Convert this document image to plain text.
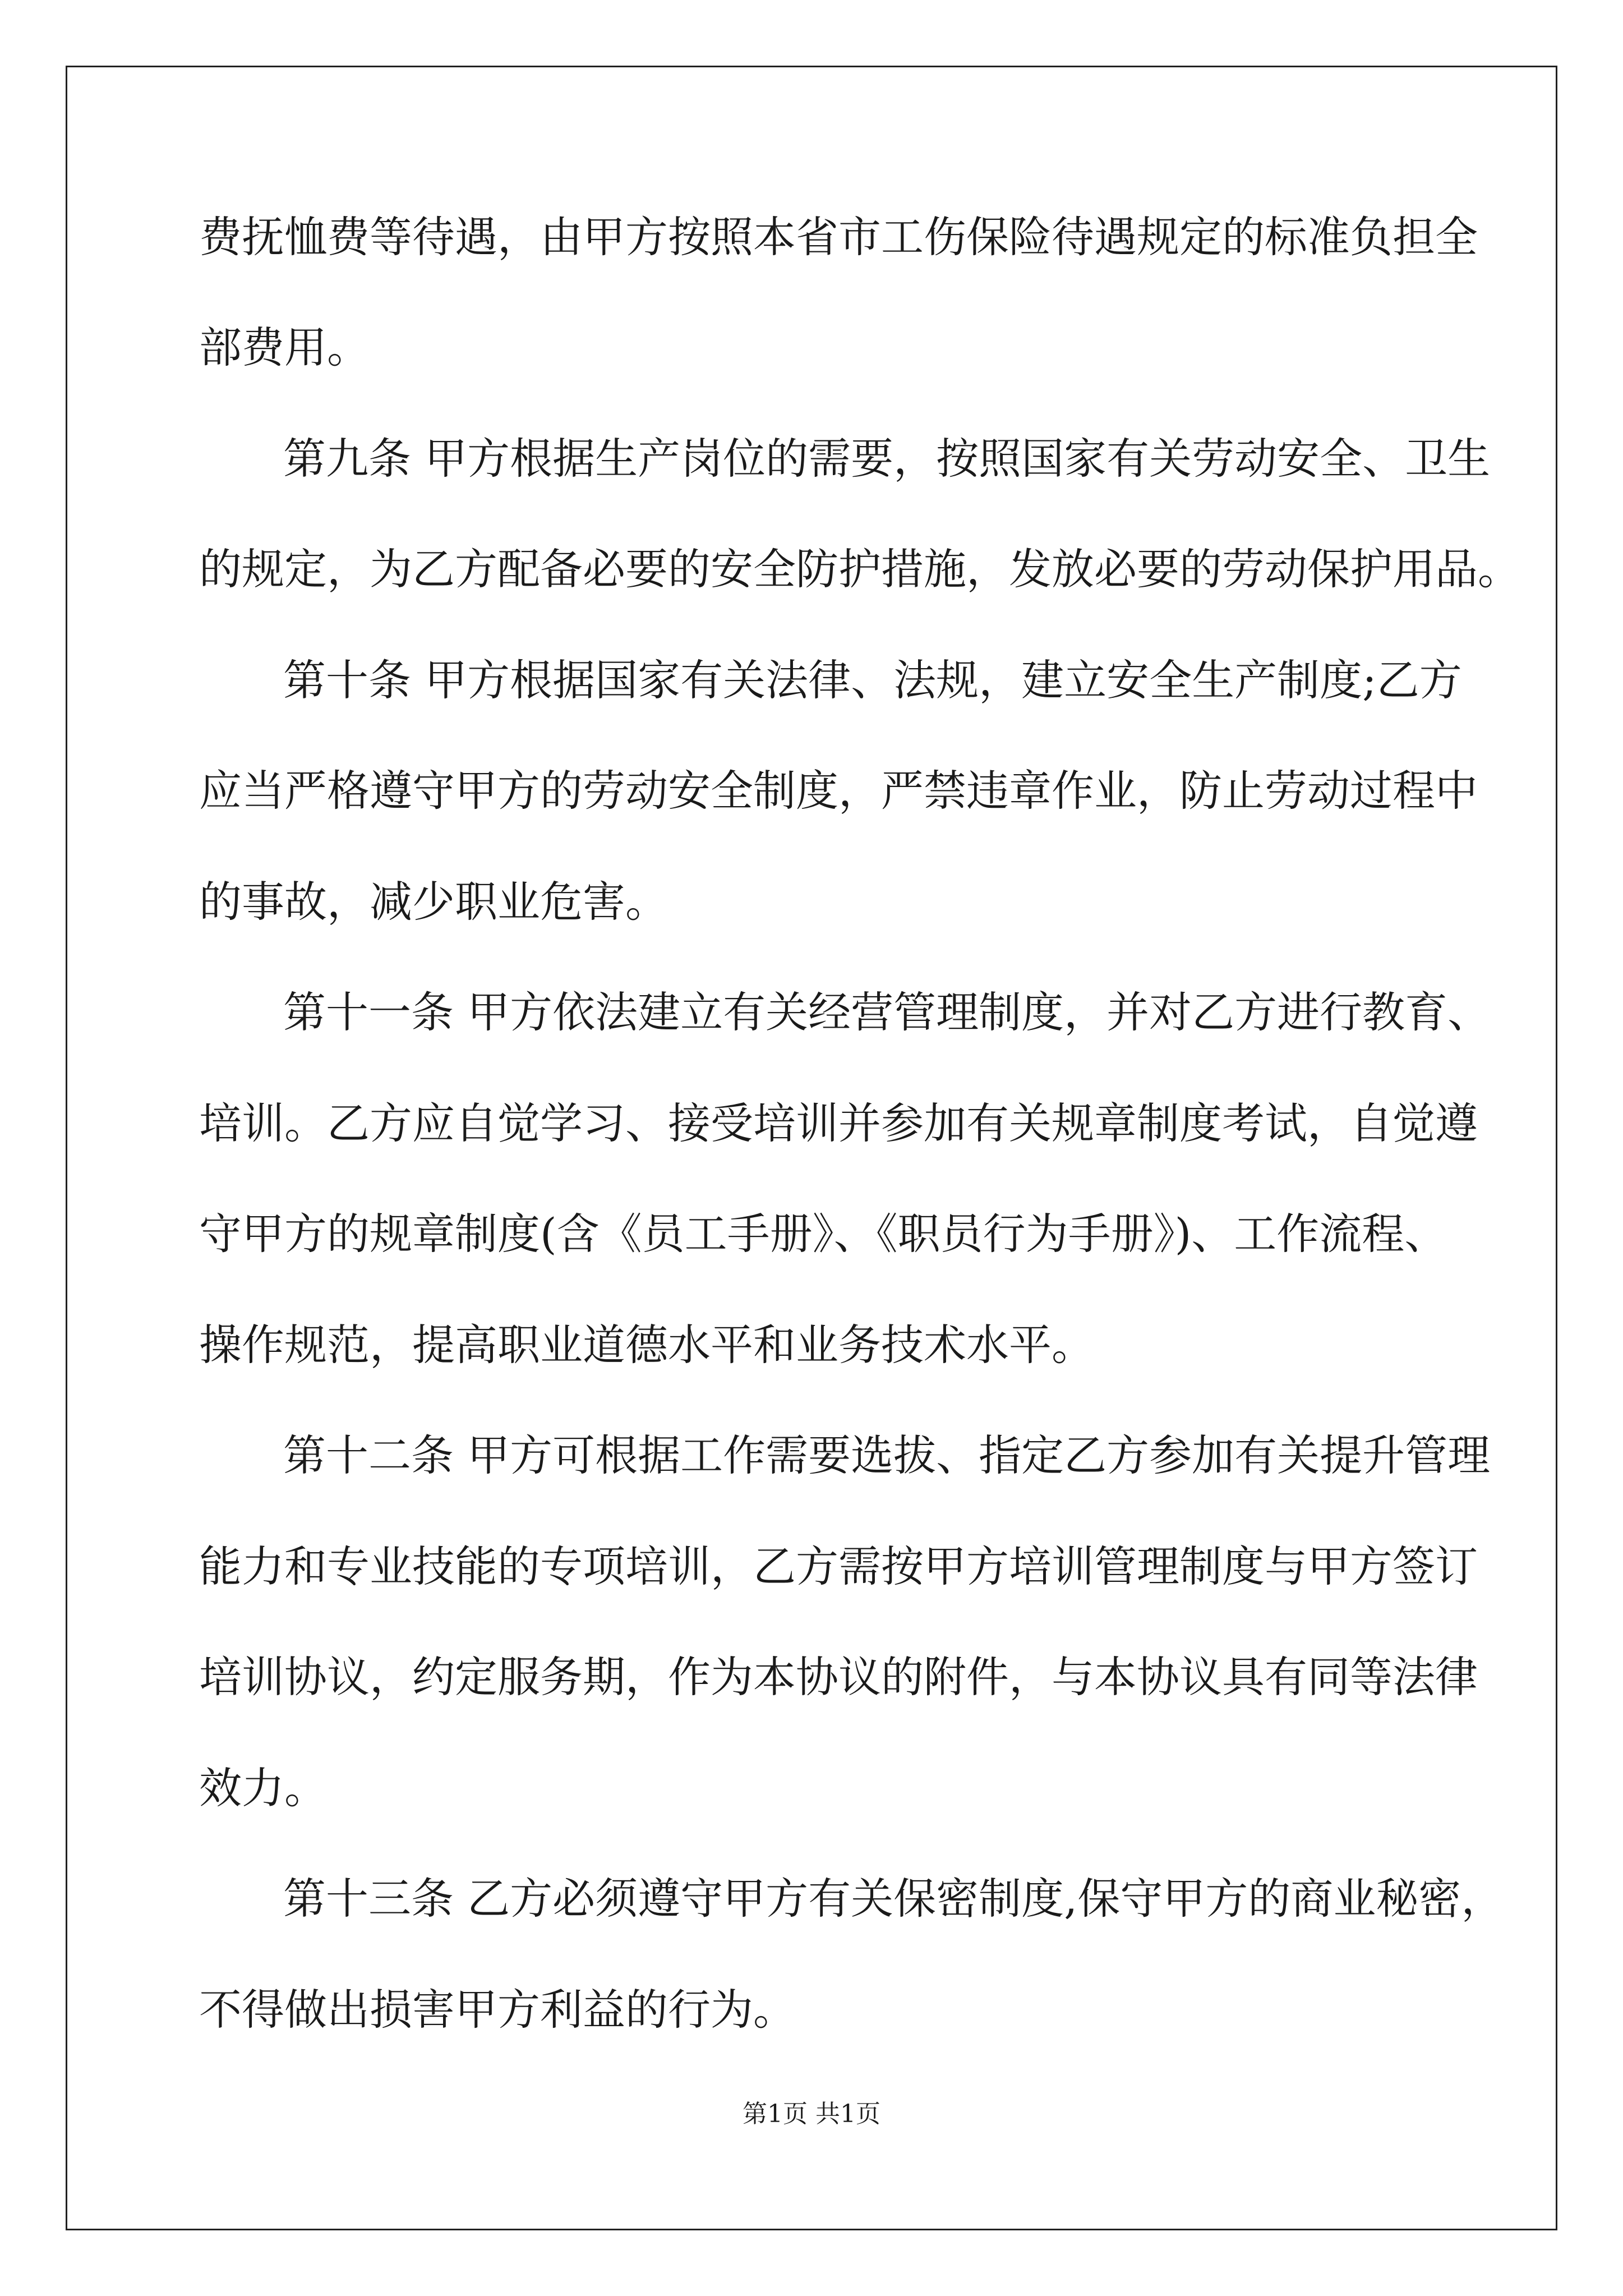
费抚恤费等待遇，由甲方按照本省市工伤保险待遇规定的标准负担全
部费用。
第九条 甲方根据生产岗位的需要，按照国家有关劳动安全、卫生
的规定，为乙方配备必要的安全防护措施，发放必要的劳动保护用品。
第十条 甲方根据国家有关法律、法规，建立安全生产制度;乙方
应当严格遵守甲方的劳动安全制度，严禁违章作业，防止劳动过程中
的事故，减少职业危害。
第十一条 甲方依法建立有关经营管理制度，并对乙方进行教育、
培训。乙方应自觉学习、接受培训并参加有关规章制度考试，自觉遵
守甲方的规章制度(含《员工手册》、《职员行为手册》)、工作流程、
操作规范，提高职业道德水平和业务技术水平。
第十二条 甲方可根据工作需要选拔、指定乙方参加有关提升管理
能力和专业技能的专项培训，乙方需按甲方培训管理制度与甲方签订
培训协议，约定服务期，作为本协议的附件，与本协议具有同等法律
效力。
第十三条 乙方必须遵守甲方有关保密制度,保守甲方的商业秘密，
不得做出损害甲方利益的行为。
第1页 共1页
